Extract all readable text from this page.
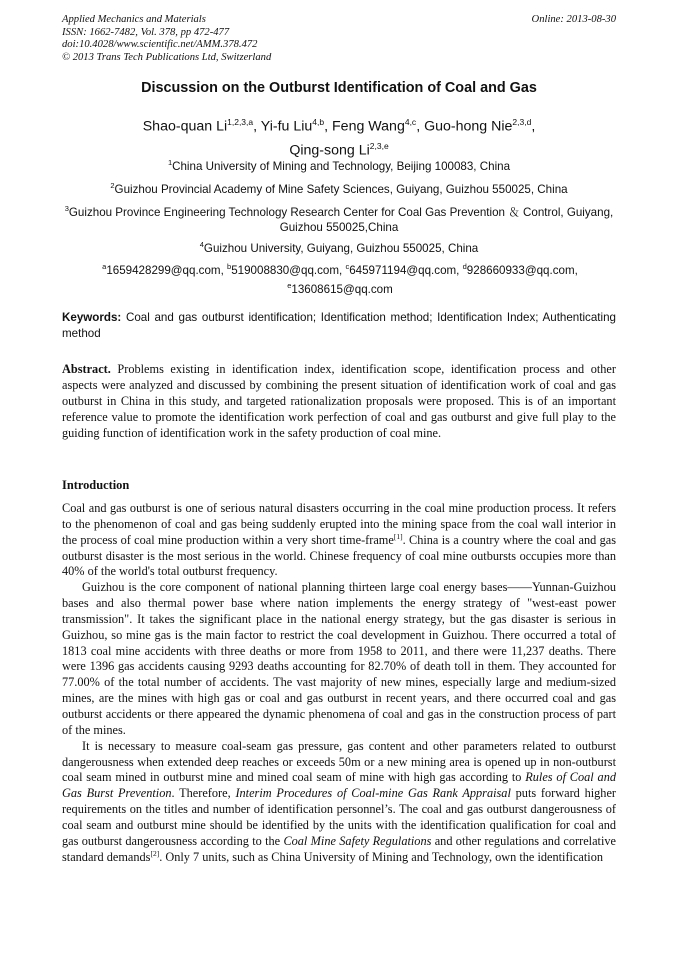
Applied Mechanics and Materials
ISSN: 1662-7482, Vol. 378, pp 472-477
doi:10.4028/www.scientific.net/AMM.378.472
© 2013 Trans Tech Publications Ltd, Switzerland
Online: 2013-08-30
Discussion on the Outburst Identification of Coal and Gas
Shao-quan Li$^{1,2,3,a}$, Yi-fu Liu$^{4,b}$, Feng Wang$^{4,c}$, Guo-hong Nie$^{2,3,d}$,
Qing-song Li$^{2,3,e}$
$^1$China University of Mining and Technology, Beijing 100083, China
$^2$Guizhou Provincial Academy of Mine Safety Sciences, Guiyang, Guizhou 550025, China
$^3$Guizhou Province Engineering Technology Research Center for Coal Gas Prevention ＆ Control, Guiyang, Guizhou 550025,China
$^4$Guizhou University, Guiyang, Guizhou 550025, China
$^a$1659428299@qq.com, $^b$519008830@qq.com, $^c$645971194@qq.com, $^d$928660933@qq.com,
$^e$13608615@qq.com
Keywords: Coal and gas outburst identification; Identification method; Identification Index; Authenticating method
Abstract. Problems existing in identification index, identification scope, identification process and other aspects were analyzed and discussed by combining the present situation of identification work of coal and gas outburst in China in this study, and targeted rationalization proposals were proposed. This is of an important reference value to promote the identification work perfection of coal and gas outburst and give full play to the guiding function of identification work in the safety production of coal mine.
Introduction

Coal and gas outburst is one of serious natural disasters occurring in the coal mine production process. It refers to the phenomenon of coal and gas being suddenly erupted into the mining space from the coal wall interior in the process of coal mine production within a very short time-frame[1]. China is a country where the coal and gas outburst disaster is the most serious in the world. Chinese frequency of coal mine outbursts occupies more than 40% of the world's total outburst frequency.

Guizhou is the core component of national planning thirteen large coal energy bases——Yunnan-Guizhou bases and also thermal power base where nation implements the energy strategy of "west-east power transmission". It takes the significant place in the national energy strategy, but the gas disaster is serious in Guizhou, so mine gas is the main factor to restrict the coal development in Guizhou. There occurred a total of 1813 coal mine accidents with three deaths or more from 1958 to 2011, and there were 11,237 deaths. There were 1396 gas accidents causing 9293 deaths accounting for 82.70% of death toll in them. They accounted for 77.00% of the total number of accidents. The vast majority of new mines, especially large and medium-sized mines, are the mines with high gas or coal and gas outburst in recent years, and there occurred coal and gas outburst accidents or there appeared the dynamic phenomena of coal and gas in the construction process of part of the mines.

It is necessary to measure coal-seam gas pressure, gas content and other parameters related to outburst dangerousness when extended deep reaches or exceeds 50m or a new mining area is opened up in non-outburst coal seam mined in outburst mine and mined coal seam of mine with high gas according to Rules of Coal and Gas Burst Prevention. Therefore, Interim Procedures of Coal-mine Gas Rank Appraisal puts forward higher requirements on the titles and number of identification personnel’s. The coal and gas outburst dangerousness of coal seam and outburst mine should be identified by the units with the identification qualification for coal and gas outburst dangerousness according to the Coal Mine Safety Regulations and other regulations and correlative standard demands[2]. Only 7 units, such as China University of Mining and Technology, own the identification
